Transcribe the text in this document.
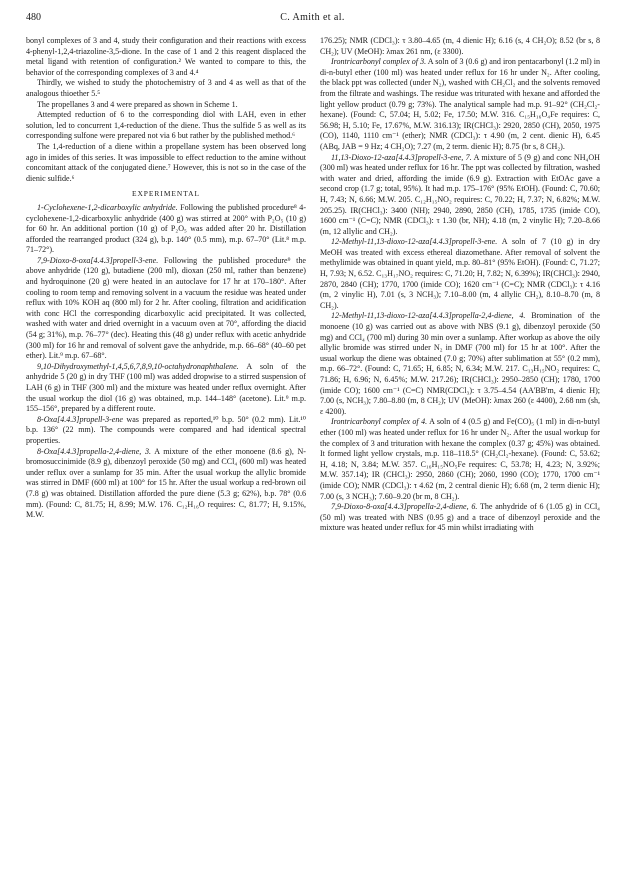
480	C. Amith et al.

bonyl complexes of 3 and 4, study their configuration and their reactions with excess 4-phenyl-1,2,4-triazoline-3,5-dione. In the case of 1 and 2 this reagent displaced the metal ligand with retention of configuration.² We wanted to compare to this, the behavior of the corresponding complexes of 3 and 4.⁴

Thirdly, we wished to study the photochemistry of 3 and 4 as well as that of the analogous thioether 5.⁵

The propellanes 3 and 4 were prepared as shown in Scheme 1.

Attempted reduction of 6 to the corresponding diol with LAH, even in ether solution, led to concurrent 1,4-reduction of the diene. Thus the sulfide 5 as well as its corresponding sulfone were prepared not via 6 but rather by the published method.⁶

The 1,4-reduction of a diene within a propellane system has been observed long ago in imides of this series. It was impossible to effect reduction to the amine without concomitant attack of the conjugated diene.⁷ However, this is not so in the case of the dienic sulfide.⁶

EXPERIMENTAL

1-Cyclohexene-1,2-dicarboxylic anhydride. Following the published procedure⁸ 4-cyclohexene-1,2-dicarboxylic anhydride (400 g) was stirred at 200° with P₂O₅ (10 g) for 60 hr. An additional portion (10 g) of P₂O₅ was added after 20 hr. Distillation afforded the rearranged product (324 g), b.p. 140° (0.5 mm), m.p. 67–70° (Lit.⁸ m.p. 71–72°).

7,9-Dioxo-8-oxa[4.4.3]propell-3-ene. Following the published procedure⁹ the above anhydride (120 g), butadiene (200 ml), dioxan (250 ml, rather than benzene) and hydroquinone (20 g) were heated in an autoclave for 17 hr at 170–180°. After cooling to room temp and removing solvent in a vacuum the residue was heated under reflux with 10% KOH aq (800 ml) for 2 hr. After cooling, filtration and acidification with conc HCl the corresponding dicarboxylic acid precipitated. It was collected, washed with water and dried overnight in a vacuum oven at 70°, affording the diacid (54 g; 31%), m.p. 76–77° (dec). Heating this (48 g) under reflux with acetic anhydride (300 ml) for 16 hr and removal of solvent gave the anhydride, m.p. 66–68° (40–60 pet ether). Lit.⁹ m.p. 67–68°.

9,10-Dihydroxymethyl-1,4,5,6,7,8,9,10-octahydronaphthalene. A soln of the anhydride 5 (20 g) in dry THF (100 ml) was added dropwise to a stirred suspension of LAH (6 g) in THF (300 ml) and the mixture was heated under reflux overnight. After the usual workup the diol (16 g) was obtained, m.p. 144–148° (acetone). Lit.⁹ m.p. 155–156°, prepared by a different route.

8-Oxa[4.4.3]propell-3-ene was prepared as reported,¹⁰ b.p. 50° (0.2 mm). Lit.¹⁰ b.p. 136° (22 mm). The compounds were compared and had identical spectral properties.

8-Oxa[4.4.3]propella-2,4-diene, 3. A mixture of the ether monoene (8.6 g), N-bromosuccinimide (8.9 g), dibenzoyl peroxide (50 mg) and CCl₄ (600 ml) was heated under reflux over a sunlamp for 35 min. After the usual workup the allylic bromide was stirred in DMF (600 ml) at 100° for 15 hr. After the usual workup a red-brown oil (7.8 g) was obtained. Distillation afforded the pure diene (5.3 g; 62%), b.p. 78° (0.6 mm). (Found: C, 81.75; H, 8.99; M.W. 176. C₁₂H₁₆O requires: C, 81.77; H, 9.15%, M.W.

176.25); NMR (CDCl₃): τ 3.80–4.65 (m, 4 dienic H); 6.16 (s, 4 CH₂O); 8.52 (br s, 8 CH₂); UV (MeOH): λmax 261 nm, (ε 3300).

Irontricarbonyl complex of 3. A soln of 3 (0.6 g) and iron pentacarbonyl (1.2 ml) in di-n-butyl ether (100 ml) was heated under reflux for 16 hr under N₂. After cooling, the black ppt was collected (under N₂), washed with CH₂Cl₂ and the solvents removed from the filtrate and washings. The residue was triturated with hexane and afforded the light yellow product (0.79 g; 73%). The analytical sample had m.p. 91–92° (CH₂Cl₂-hexane). (Found: C, 57.04; H, 5.02; Fe, 17.50; M.W. 316. C₁₅H₁₆O₄Fe requires: C, 56.98; H, 5.10; Fe, 17.67%, M.W. 316.13); IR(CHCl₃): 2920, 2850 (CH), 2050, 1975 (CO), 1140, 1110 cm⁻¹ (ether); NMR (CDCl₃): τ 4.90 (m, 2 cent. dienic H), 6.45 (ABq, JAB = 9 Hz; 4 CH₂O); 7.27 (m, 2 term. dienic H); 8.75 (br s, 8 CH₂).

11,13-Dioxo-12-aza[4.4.3]propell-3-ene, 7. A mixture of 5 (9 g) and conc NH₄OH (300 ml) was heated under reflux for 16 hr. The ppt was collected by filtration, washed with water and dried, affording the imide (6.9 g). Extraction with EtOAc gave a second crop (1.7 g; total, 95%). It had m.p. 175–176° (95% EtOH). (Found: C, 70.60; H, 7.43; N, 6.66; M.W. 205. C₁₂H₁₅NO₂ requires: C, 70.22; H, 7.37; N, 6.82%; M.W. 205.25). IR(CHCl₃): 3400 (NH); 2940, 2890, 2850 (CH), 1785, 1735 (imide CO), 1600 cm⁻¹ (C=C); NMR (CDCl₃): τ 1.30 (br, NH); 4.18 (m, 2 vinylic H); 7.20–8.66 (m, 12 allylic and CH₂).

12-Methyl-11,13-dioxo-12-aza[4.4.3]propell-3-ene. A soln of 7 (10 g) in dry MeOH was treated with excess ethereal diazomethane. After removal of solvent the methylimide was obtained in quant yield, m.p. 80–81° (95% EtOH). (Found: C, 71.27; H, 7.93; N, 6.52. C₁₃H₁₇NO₂ requires: C, 71.20; H, 7.82; N, 6.39%); IR(CHCl₃): 2940, 2870, 2840 (CH); 1770, 1700 (imide CO); 1620 cm⁻¹ (C=C); NMR (CDCl₃): τ 4.16 (m, 2 vinylic H), 7.01 (s, 3 NCH₃); 7.10–8.00 (m, 4 allylic CH₂), 8.10–8.70 (m, 8 CH₂).

12-Methyl-11,13-dioxo-12-aza[4.4.3]propella-2,4-diene, 4. Bromination of the monoene (10 g) was carried out as above with NBS (9.1 g), dibenzoyl peroxide (50 mg) and CCl₄ (700 ml) during 30 min over a sunlamp. After workup as above the oily allylic bromide was stirred under N₂ in DMF (700 ml) for 15 hr at 100°. After the usual workup the diene was obtained (7.0 g; 70%) after sublimation at 55° (0.2 mm), m.p. 66–72°. (Found: C, 71.65; H, 6.85; N, 6.34; M.W. 217. C₁₃H₁₅NO₂ requires: C, 71.86; H, 6.96; N, 6.45%; M.W. 217.26); IR(CHCl₃): 2950–2850 (CH); 1780, 1700 (imide CO); 1600 cm⁻¹ (C=C) NMR(CDCl₃): τ 3.75–4.54 (AA'BB'm, 4 dienic H); 7.00 (s, NCH₃); 7.80–8.80 (m, 8 CH₂); UV (MeOH): λmax 260 (ε 4400), 2.68 nm (sh, ε 4200).

Irontricarbonyl complex of 4. A soln of 4 (0.5 g) and Fe(CO)₅ (1 ml) in di-n-butyl ether (100 ml) was heated under reflux for 16 hr under N₂. After the usual workup for the complex of 3 and trituration with hexane the complex (0.37 g; 45%) was obtained. It formed light yellow crystals, m.p. 118–118.5° (CH₂Cl₂-hexane). (Found: C, 53.62; H, 4.18; N, 3.84; M.W. 357. C₁₆H₁₅NO₅Fe requires: C, 53.78; H, 4.23; N, 3.92%; M.W. 357.14); IR (CHCl₃): 2950, 2860 (CH); 2060, 1990 (CO); 1770, 1700 cm⁻¹ (imide CO); NMR (CDCl₃): τ 4.62 (m, 2 central dienic H); 6.68 (m, 2 term dienic H); 7.00 (s, 3 NCH₃); 7.60–9.20 (br m, 8 CH₂).

7,9-Dioxo-8-oxa[4.4.3]propella-2,4-diene, 6. The anhydride of 6 (1.05 g) in CCl₄ (50 ml) was treated with NBS (0.95 g) and a trace of dibenzoyl peroxide and the mixture was heated under reflux for 45 min whilst irradiating with
